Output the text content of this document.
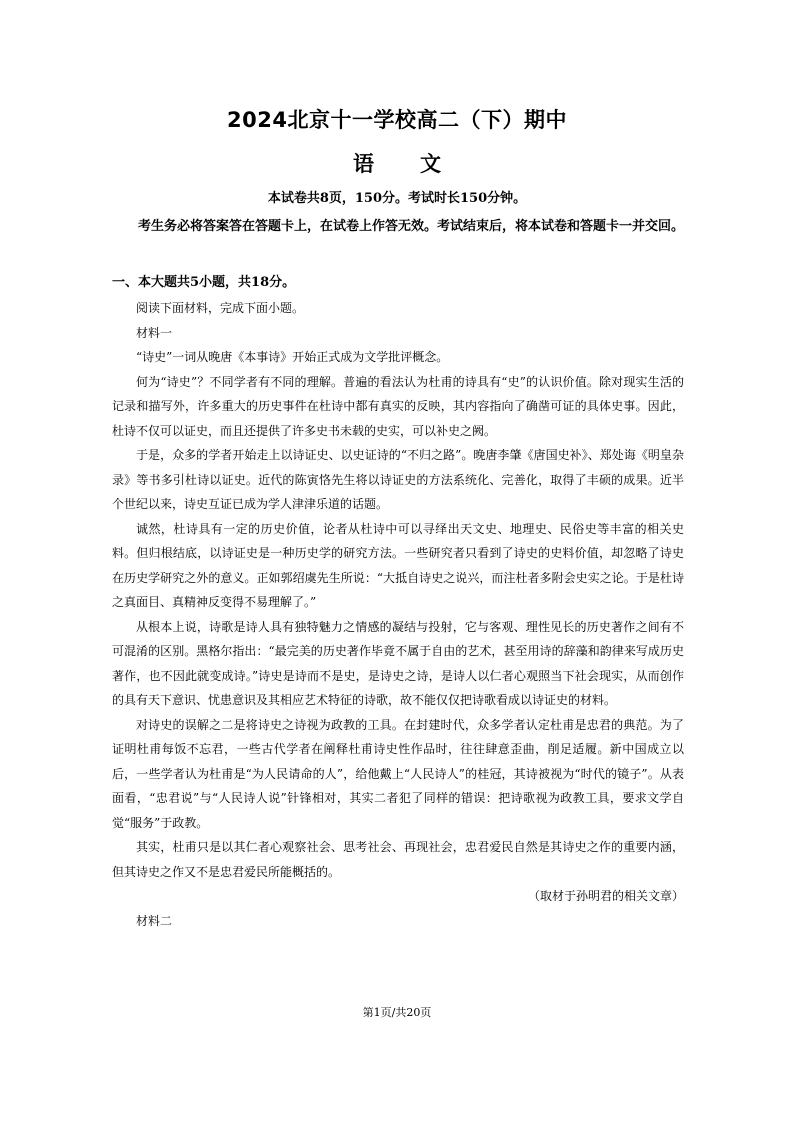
2024北京十一学校高二（下）期中
语 文
本试卷共8页，150分。考试时长150分钟。

考生务必将答案答在答题卡上，在试卷上作答无效。考试结束后，将本试卷和答题卡一并交回。

一、本大题共5小题，共18分。

阅读下面材料，完成下面小题。

材料一

“诗史”一词从晚唐《本事诗》开始正式成为文学批评概念。

何为“诗史”？不同学者有不同的理解。普遍的看法认为杜甫的诗具有“史”的认识价值。除对现实生活的记录和描写外，许多重大的历史事件在杜诗中都有真实的反映，其内容指向了确凿可证的具体史事。因此，杜诗不仅可以证史，而且还提供了许多史书未载的史实，可以补史之阙。

于是，众多的学者开始走上以诗证史、以史证诗的“不归之路”。晚唐李肇《唐国史补》、郑处诲《明皇杂录》等书多引杜诗以证史。近代的陈寅恪先生将以诗证史的方法系统化、完善化，取得了丰硕的成果。近半个世纪以来，诗史互证已成为学人津津乐道的话题。

诚然，杜诗具有一定的历史价值，论者从杜诗中可以寻绎出天文史、地理史、民俗史等丰富的相关史料。但归根结底，以诗证史是一种历史学的研究方法。一些研究者只看到了诗史的史料价值，却忽略了诗史在历史学研究之外的意义。正如郭绍虞先生所说：“大抵自诗史之说兴，而注杜者多附会史实之论。于是杜诗之真面目、真精神反变得不易理解了。”

从根本上说，诗歌是诗人具有独特魅力之情感的凝结与投射，它与客观、理性见长的历史著作之间有不可混淆的区别。黑格尔指出：“最完美的历史著作毕竟不属于自由的艺术，甚至用诗的辞藻和韵律来写成历史著作，也不因此就变成诗。”诗史是诗而不是史，是诗史之诗，是诗人以仁者心观照当下社会现实，从而创作的具有天下意识、忧患意识及其相应艺术特征的诗歌，故不能仅仅把诗歌看成以诗证史的材料。

对诗史的误解之二是将诗史之诗视为政教的工具。在封建时代，众多学者认定杜甫是忠君的典范。为了证明杜甫每饭不忘君，一些古代学者在阐释杜甫诗史性作品时，往往肆意歪曲，削足适履。新中国成立以后，一些学者认为杜甫是“为人民请命的人”，给他戴上“人民诗人”的桂冠，其诗被视为“时代的镜子”。从表面看，“忠君说”与“人民诗人说”针锋相对，其实二者犯了同样的错误：把诗歌视为政教工具，要求文学自觉“服务”于政教。

其实，杜甫只是以其仁者心观察社会、思考社会、再现社会，忠君爱民自然是其诗史之作的重要内涵，但其诗史之作又不是忠君爱民所能概括的。

（取材于孙明君的相关文章）

材料二

第1页/共20页
